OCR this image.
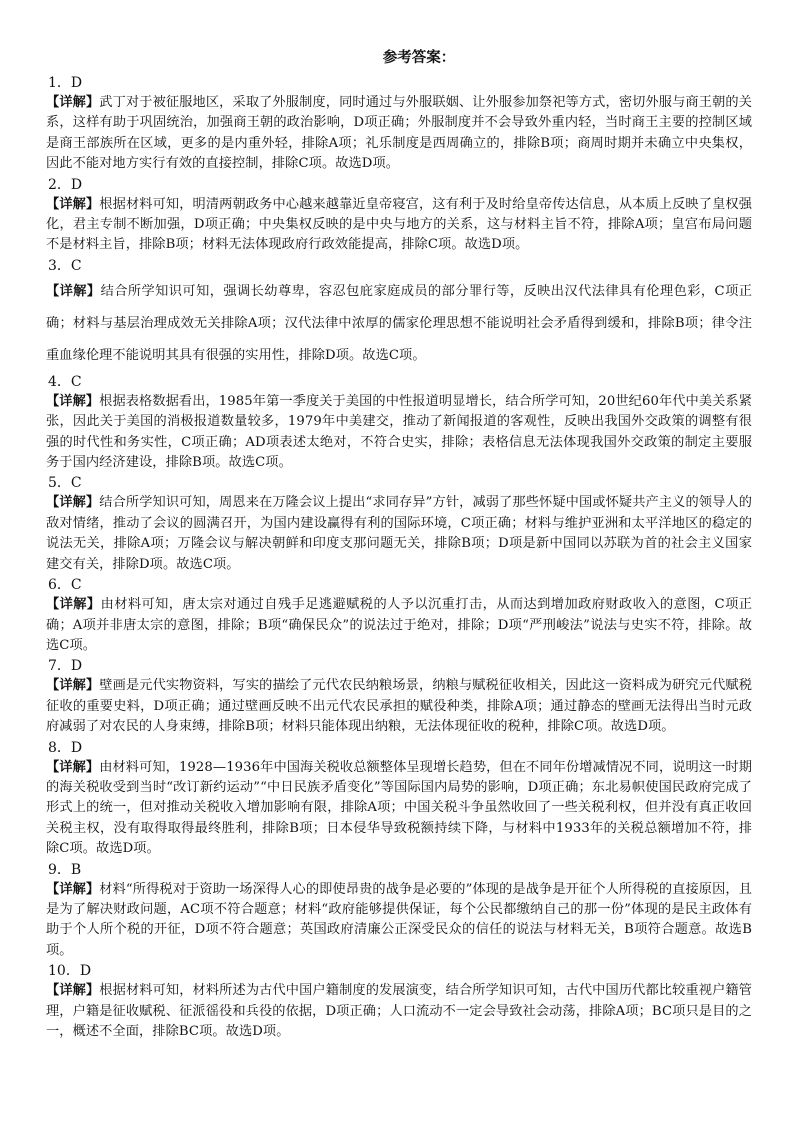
参考答案：
1．D
【详解】武丁对于被征服地区，采取了外服制度，同时通过与外服联姻、让外服参加祭祀等方式，密切外服与商王朝的关系，这样有助于巩固统治，加强商王朝的政治影响，D项正确；外服制度并不会导致外重内轻，当时商王主要的控制区域是商王部族所在区域，更多的是内重外轻，排除A项；礼乐制度是西周确立的，排除B项；商周时期并未确立中央集权，因此不能对地方实行有效的直接控制，排除C项。故选D项。
2．D
【详解】根据材料可知，明清两朝政务中心越来越靠近皇帝寝宫，这有利于及时给皇帝传达信息，从本质上反映了皇权强化，君主专制不断加强，D项正确；中央集权反映的是中央与地方的关系，这与材料主旨不符，排除A项；皇宫布局问题不是材料主旨，排除B项；材料无法体现政府行政效能提高，排除C项。故选D项。
3．C
【详解】结合所学知识可知，强调长幼尊卑，容忍包庇家庭成员的部分罪行等，反映出汉代法律具有伦理色彩，C项正确；材料与基层治理成效无关排除A项；汉代法律中浓厚的儒家伦理思想不能说明社会矛盾得到缓和，排除B项；律令注重血缘伦理不能说明其具有很强的实用性，排除D项。故选C项。
4．C
【详解】根据表格数据看出，1985年第一季度关于美国的中性报道明显增长，结合所学可知，20世纪60年代中美关系紧张，因此关于美国的消极报道数量较多，1979年中美建交，推动了新闻报道的客观性，反映出我国外交政策的调整有很强的时代性和务实性，C项正确；AD项表述太绝对，不符合史实，排除；表格信息无法体现我国外交政策的制定主要服务于国内经济建设，排除B项。故选C项。
5．C
【详解】结合所学知识可知，周恩来在万隆会议上提出“求同存异”方针，减弱了那些怀疑中国或怀疑共产主义的领导人的敌对情绪，推动了会议的圆满召开，为国内建设赢得有利的国际环境，C项正确；材料与维护亚洲和太平洋地区的稳定的说法无关，排除A项；万隆会议与解决朝鲜和印度支那问题无关，排除B项；D项是新中国同以苏联为首的社会主义国家建交有关，排除D项。故选C项。
6．C
【详解】由材料可知，唐太宗对通过自残手足逃避赋税的人予以沉重打击，从而达到增加政府财政收入的意图，C项正确；A项并非唐太宗的意图，排除；B项“确保民众”的说法过于绝对，排除；D项“严刑峻法”说法与史实不符，排除。故选C项。
7．D
【详解】壁画是元代实物资料，写实的描绘了元代农民纳粮场景，纳粮与赋税征收相关，因此这一资料成为研究元代赋税征收的重要史料，D项正确；通过壁画反映不出元代农民承担的赋役种类，排除A项；通过静态的壁画无法得出当时元政府减弱了对农民的人身束缚，排除B项；材料只能体现出纳粮，无法体现征收的税种，排除C项。故选D项。
8．D
【详解】由材料可知，1928—1936年中国海关税收总额整体呈现增长趋势，但在不同年份增减情况不同，说明这一时期的海关税收受到当时“改订新约运动”“中日民族矛盾变化”等国际国内局势的影响，D项正确；东北易帜使国民政府完成了形式上的统一，但对推动关税收入增加影响有限，排除A项；中国关税斗争虽然收回了一些关税利权，但并没有真正收回关税主权，没有取得取得最终胜利，排除B项；日本侵华导致税额持续下降，与材料中1933年的关税总额增加不符，排除C项。故选D项。
9．B
【详解】材料“所得税对于资助一场深得人心的即使昂贵的战争是必要的”体现的是战争是开征个人所得税的直接原因，且是为了解决财政问题，AC项不符合题意；材料“政府能够提供保证，每个公民都缴纳自己的那一份”体现的是民主政体有助于个人所个税的开征，D项不符合题意；英国政府清廉公正深受民众的信任的说法与材料无关，B项符合题意。故选B项。
10．D
【详解】根据材料可知，材料所述为古代中国户籍制度的发展演变，结合所学知识可知，古代中国历代都比较重视户籍管理，户籍是征收赋税、征派徭役和兵役的依据，D项正确；人口流动不一定会导致社会动荡，排除A项；BC项只是目的之一，概述不全面，排除BC项。故选D项。
